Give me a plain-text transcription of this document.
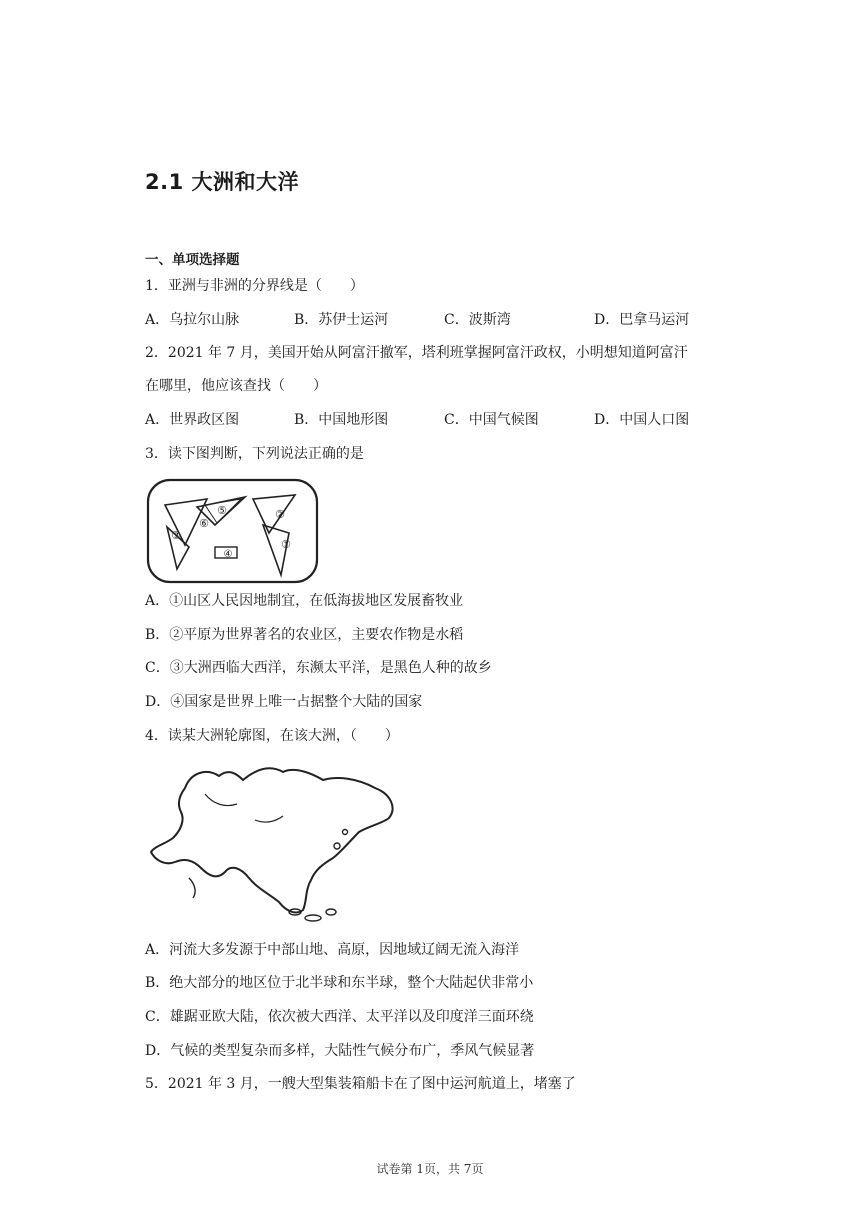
2.1 大洲和大洋
一、单项选择题
1．亚洲与非洲的分界线是（　　）
A．乌拉尔山脉	B．苏伊士运河	C．波斯湾	D．巴拿马运河
2．2021 年 7 月，美国开始从阿富汗撤军，塔利班掌握阿富汗政权，小明想知道阿富汗
在哪里，他应该查找（　　）
A．世界政区图	B．中国地形图	C．中国气候图	D．中国人口图
3．读下图判断，下列说法正确的是
⑤
⑥
③
④
②
①
A．①山区人民因地制宜，在低海拔地区发展畜牧业
B．②平原为世界著名的农业区，主要农作物是水稻
C．③大洲西临大西洋，东濒太平洋，是黑色人种的故乡
D．④国家是世界上唯一占据整个大陆的国家
4．读某大洲轮廓图，在该大洲，（　　）
A．河流大多发源于中部山地、高原，因地域辽阔无流入海洋
B．绝大部分的地区位于北半球和东半球，整个大陆起伏非常小
C．雄踞亚欧大陆，依次被大西洋、太平洋以及印度洋三面环绕
D．气候的类型复杂而多样，大陆性气候分布广，季风气候显著
5．2021 年 3 月，一艘大型集装箱船卡在了图中运河航道上，堵塞了
试卷第 1页，共 7页
